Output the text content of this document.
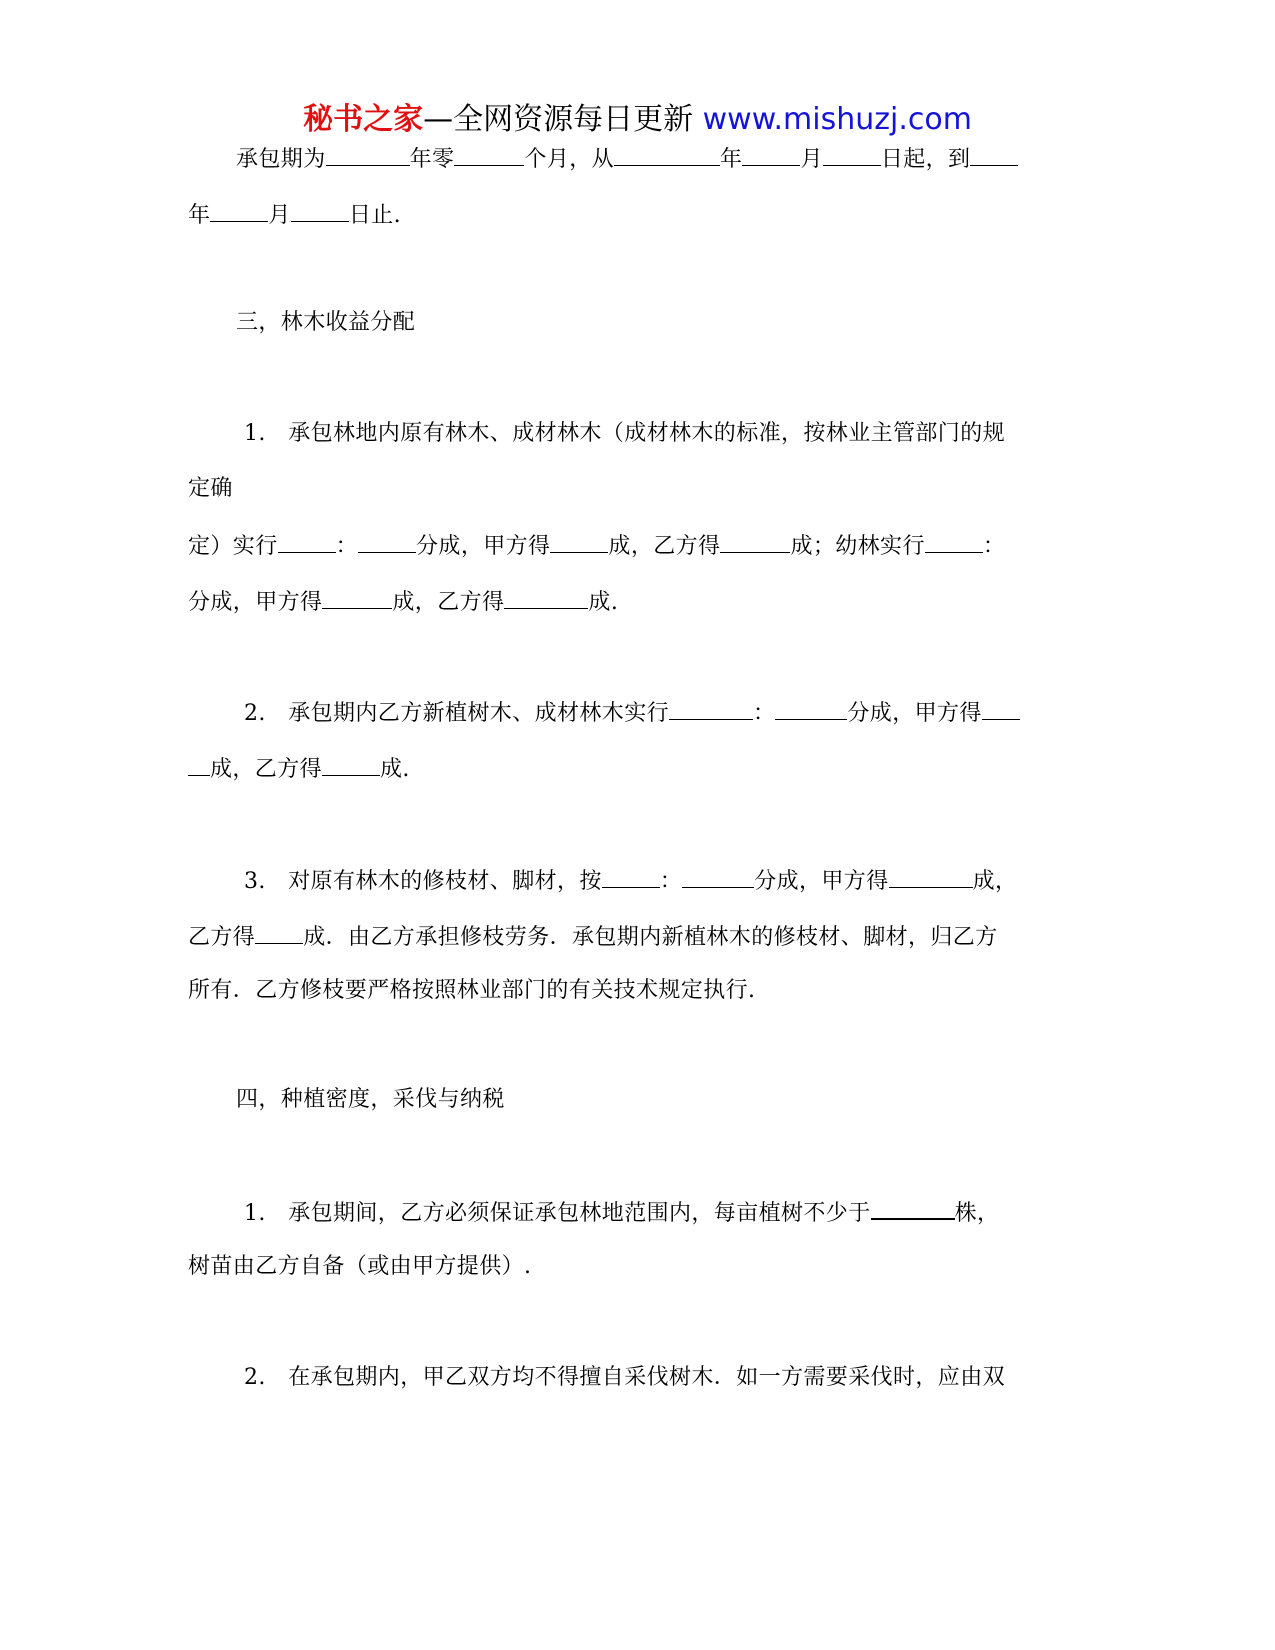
秘书之家—全网资源每日更新 www.mishuzj.com
承包期为	年零	个月，从	年	月	日起，到
年	月	日止.
三，林木收益分配
1.　承包林地内原有林木、成材林木（成材林木的标准，按林业主管部门的规
定确
定）实行	：	分成，甲方得	成，乙方得	成；幼林实行	：
分成，甲方得	成，乙方得	成.
2.　承包期内乙方新植树木、成材林木实行	：	分成，甲方得
成，乙方得	成.
3.　对原有林木的修枝材、脚材，按	：	分成，甲方得	成，
乙方得 成．由乙方承担修枝劳务．承包期内新植林木的修枝材、脚材，归乙方
所有．乙方修枝要严格按照林业部门的有关技术规定执行.
四，种植密度，采伐与纳税
1.　承包期间，乙方必须保证承包林地范围内，每亩植树不少于	株，
树苗由乙方自备（或由甲方提供）.
2.　在承包期内，甲乙双方均不得擅自采伐树木．如一方需要采伐时，应由双
